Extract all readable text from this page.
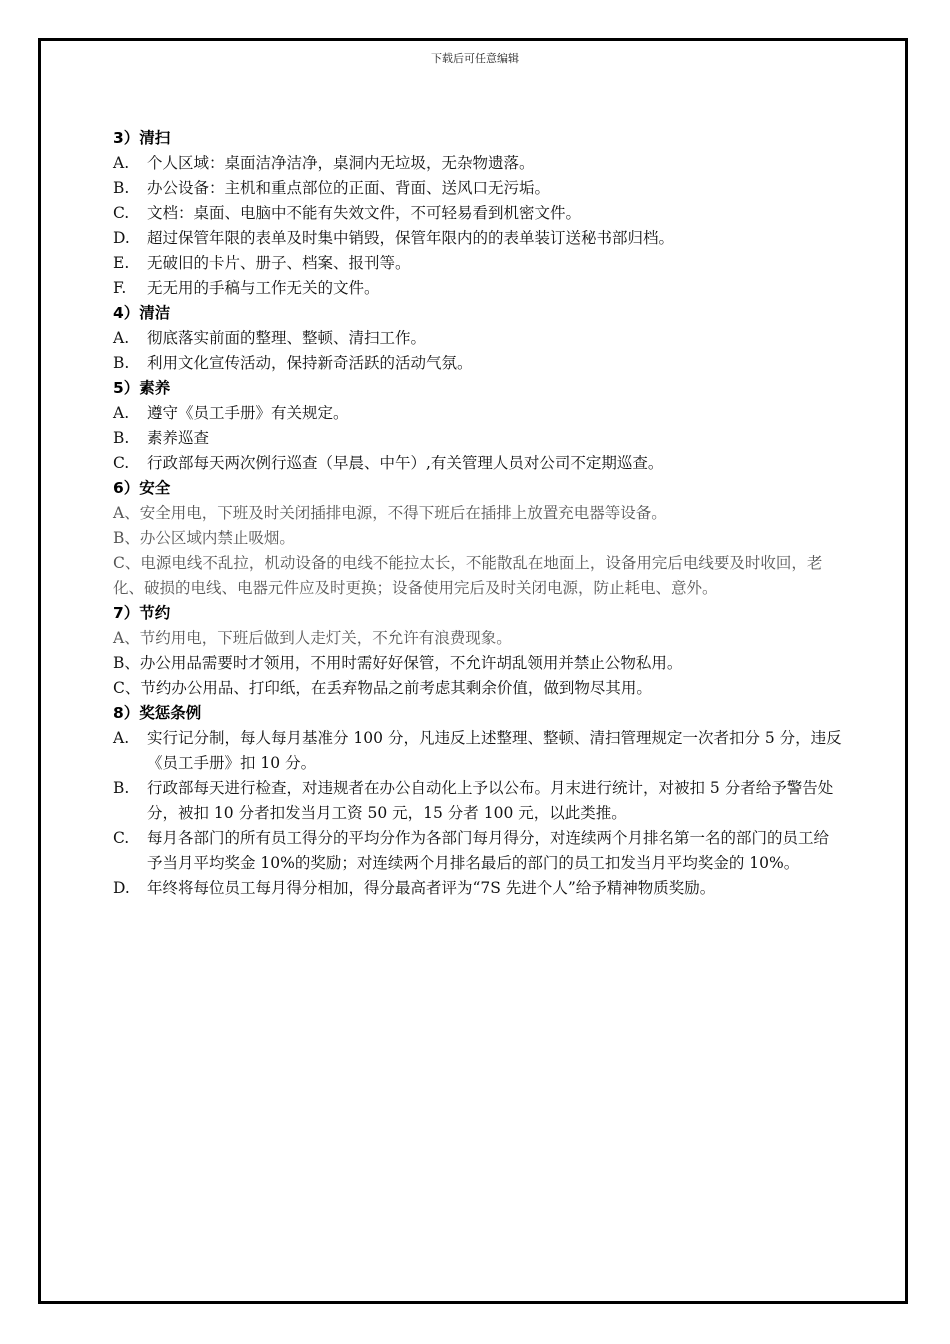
下载后可任意编辑
3）清扫
A.	个人区域：桌面洁净洁净，桌洞内无垃圾，无杂物遗落。
B.	办公设备：主机和重点部位的正面、背面、送风口无污垢。
C.	文档：桌面、电脑中不能有失效文件，不可轻易看到机密文件。
D.	超过保管年限的表单及时集中销毁，保管年限内的的表单装订送秘书部归档。
E.	无破旧的卡片、册子、档案、报刊等。
F.	无无用的手稿与工作无关的文件。
4）清洁
A.	彻底落实前面的整理、整顿、清扫工作。
B.	利用文化宣传活动，保持新奇活跃的活动气氛。
5）素养
A.	遵守《员工手册》有关规定。
B.	素养巡查
C.	行政部每天两次例行巡查（早晨、中午）,有关管理人员对公司不定期巡查。
6）安全
A、安全用电，下班及时关闭插排电源，不得下班后在插排上放置充电器等设备。
B、办公区域内禁止吸烟。
C、电源电线不乱拉，机动设备的电线不能拉太长，不能散乱在地面上，设备用完后电线要及时收回，老化、破损的电线、电器元件应及时更换；设备使用完后及时关闭电源，防止耗电、意外。
7）节约
A、节约用电，下班后做到人走灯关，不允许有浪费现象。
B、办公用品需要时才领用，不用时需好好保管，不允许胡乱领用并禁止公物私用。
C、节约办公用品、打印纸，在丢弃物品之前考虑其剩余价值，做到物尽其用。
8）奖惩条例
A.	实行记分制，每人每月基准分 100 分，凡违反上述整理、整顿、清扫管理规定一次者扣分 5 分，违反《员工手册》扣 10 分。
B.	行政部每天进行检查，对违规者在办公自动化上予以公布。月末进行统计，对被扣 5 分者给予警告处分，被扣 10 分者扣发当月工资 50 元，15 分者 100 元，以此类推。
C.	每月各部门的所有员工得分的平均分作为各部门每月得分，对连续两个月排名第一名的部门的员工给予当月平均奖金 10%的奖励；对连续两个月排名最后的部门的员工扣发当月平均奖金的 10%。
D.	年终将每位员工每月得分相加，得分最高者评为“7S 先进个人”给予精神物质奖励。
